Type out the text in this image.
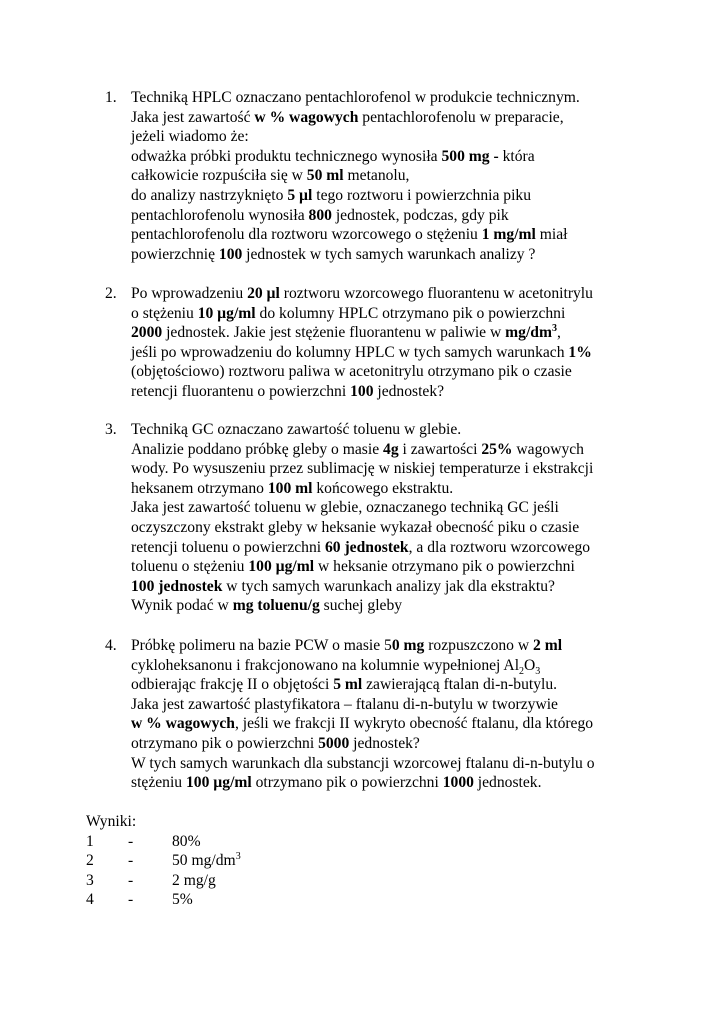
1. Techniką HPLC oznaczano pentachlorofenol w produkcie technicznym.
Jaka jest zawartość w % wagowych pentachlorofenolu w preparacie,
jeżeli wiadomo że:
odważka próbki produktu technicznego wynosiła 500 mg - która
całkowicie rozpuściła się w 50 ml metanolu,
do analizy nastrzyknięto 5 µl tego roztworu i powierzchnia piku
pentachlorofenolu wynosiła 800 jednostek, podczas, gdy pik
pentachlorofenolu dla roztworu wzorcowego o stężeniu 1 mg/ml miał
powierzchnię 100 jednostek w tych samych warunkach analizy ?
2. Po wprowadzeniu 20 µl roztworu wzorcowego fluorantenu w acetonitrylu
o stężeniu 10 µg/ml do kolumny HPLC otrzymano pik o powierzchni
2000 jednostek. Jakie jest stężenie fluorantenu w paliwie w $mg/dm^3$,
jeśli po wprowadzeniu do kolumny HPLC w tych samych warunkach 1%
(objętościowo) roztworu paliwa w acetonitrylu otrzymano pik o czasie
retencji fluorantenu o powierzchni 100 jednostek?
3. Techniką GC oznaczano zawartość toluenu w glebie.
Analizie poddano próbkę gleby o masie 4g i zawartości 25% wagowych
wody. Po wysuszeniu przez sublimację w niskiej temperaturze i ekstrakcji
heksanem otrzymano 100 ml końcowego ekstraktu.
Jaka jest zawartość toluenu w glebie, oznaczanego techniką GC jeśli
oczyszczony ekstrakt gleby w heksanie wykazał obecność piku o czasie
retencji toluenu o powierzchni 60 jednostek, a dla roztworu wzorcowego
toluenu o stężeniu 100 µg/ml w heksanie otrzymano pik o powierzchni
100 jednostek w tych samych warunkach analizy jak dla ekstraktu?
Wynik podać w mg toluenu/g suchej gleby
4. Próbkę polimeru na bazie PCW o masie 50 mg rozpuszczono w 2 ml
cykloheksanonu i frakcjonowano na kolumnie wypełnionej $Al_2O_3$
odbierając frakcję II o objętości 5 ml zawierającą ftalan di-n-butylu.
Jaka jest zawartość plastyfikatora – ftalanu di-n-butylu w tworzywie
w % wagowych, jeśli we frakcji II wykryto obecność ftalanu, dla którego
otrzymano pik o powierzchni 5000 jednostek?
W tych samych warunkach dla substancji wzorcowej ftalanu di-n-butylu o
stężeniu 100 µg/ml otrzymano pik o powierzchni 1000 jednostek.
Wyniki:
1 - 80%
2 - 50 $mg/dm^3$
3 - 2 mg/g
4 - 5%
